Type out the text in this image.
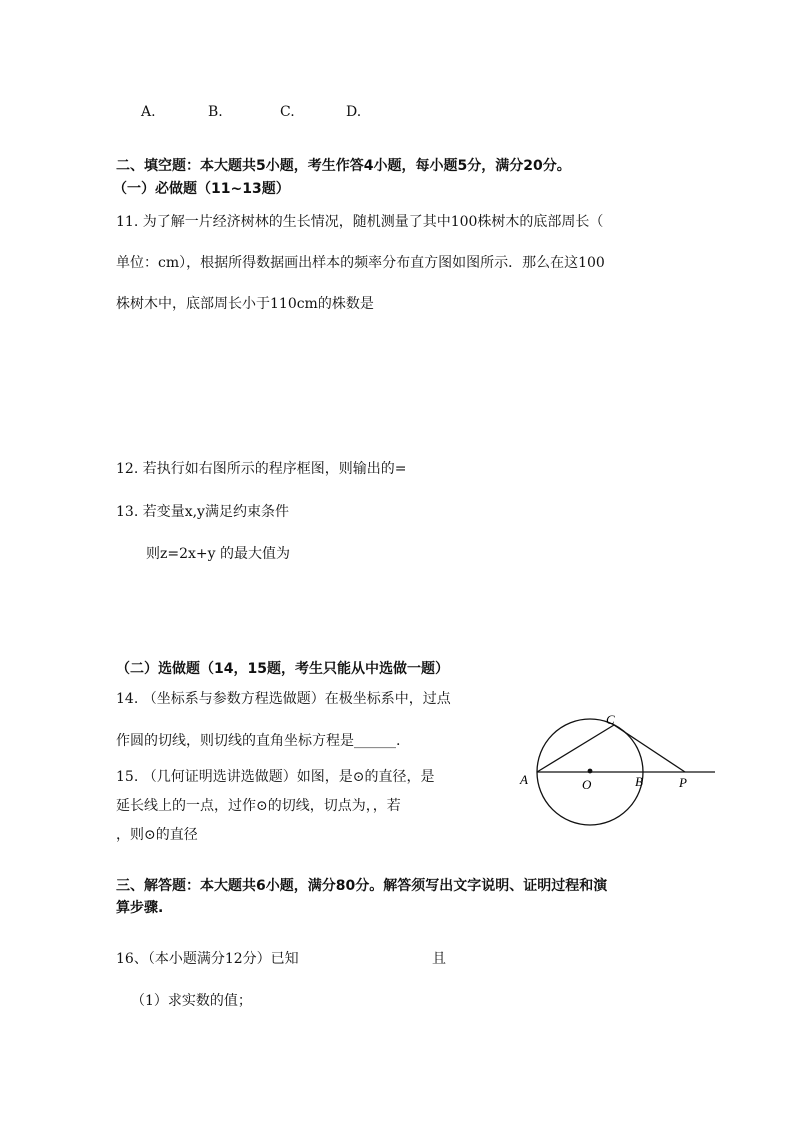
A.	B.	C.	D.
二、填空题：本大题共5小题，考生作答4小题，每小题5分，满分20分。
（一）必做题（11~13题）
11. 为了解一片经济树林的生长情况，随机测量了其中100株树木的底部周长（
单位：cm），根据所得数据画出样本的频率分布直方图如图所示．那么在这100
株树木中，底部周长小于110cm的株数是
12. 若执行如右图所示的程序框图，则输出的=
13. 若变量x,y满足约束条件
则z=2x+y 的最大值为
（二）选做题（14，15题，考生只能从中选做一题）
14. （坐标系与参数方程选做题）在极坐标系中，过点
作圆的切线，则切线的直角坐标方程是______.
15. （几何证明选讲选做题）如图，是⊙的直径，是
延长线上的一点，过作⊙的切线，切点为，，若
，则⊙的直径
A	O	B	P
C
三、解答题：本大题共6小题，满分80分。解答须写出文字说明、证明过程和演
算步骤.
16、（本小题满分12分）已知	且
（1）求实数的值；
